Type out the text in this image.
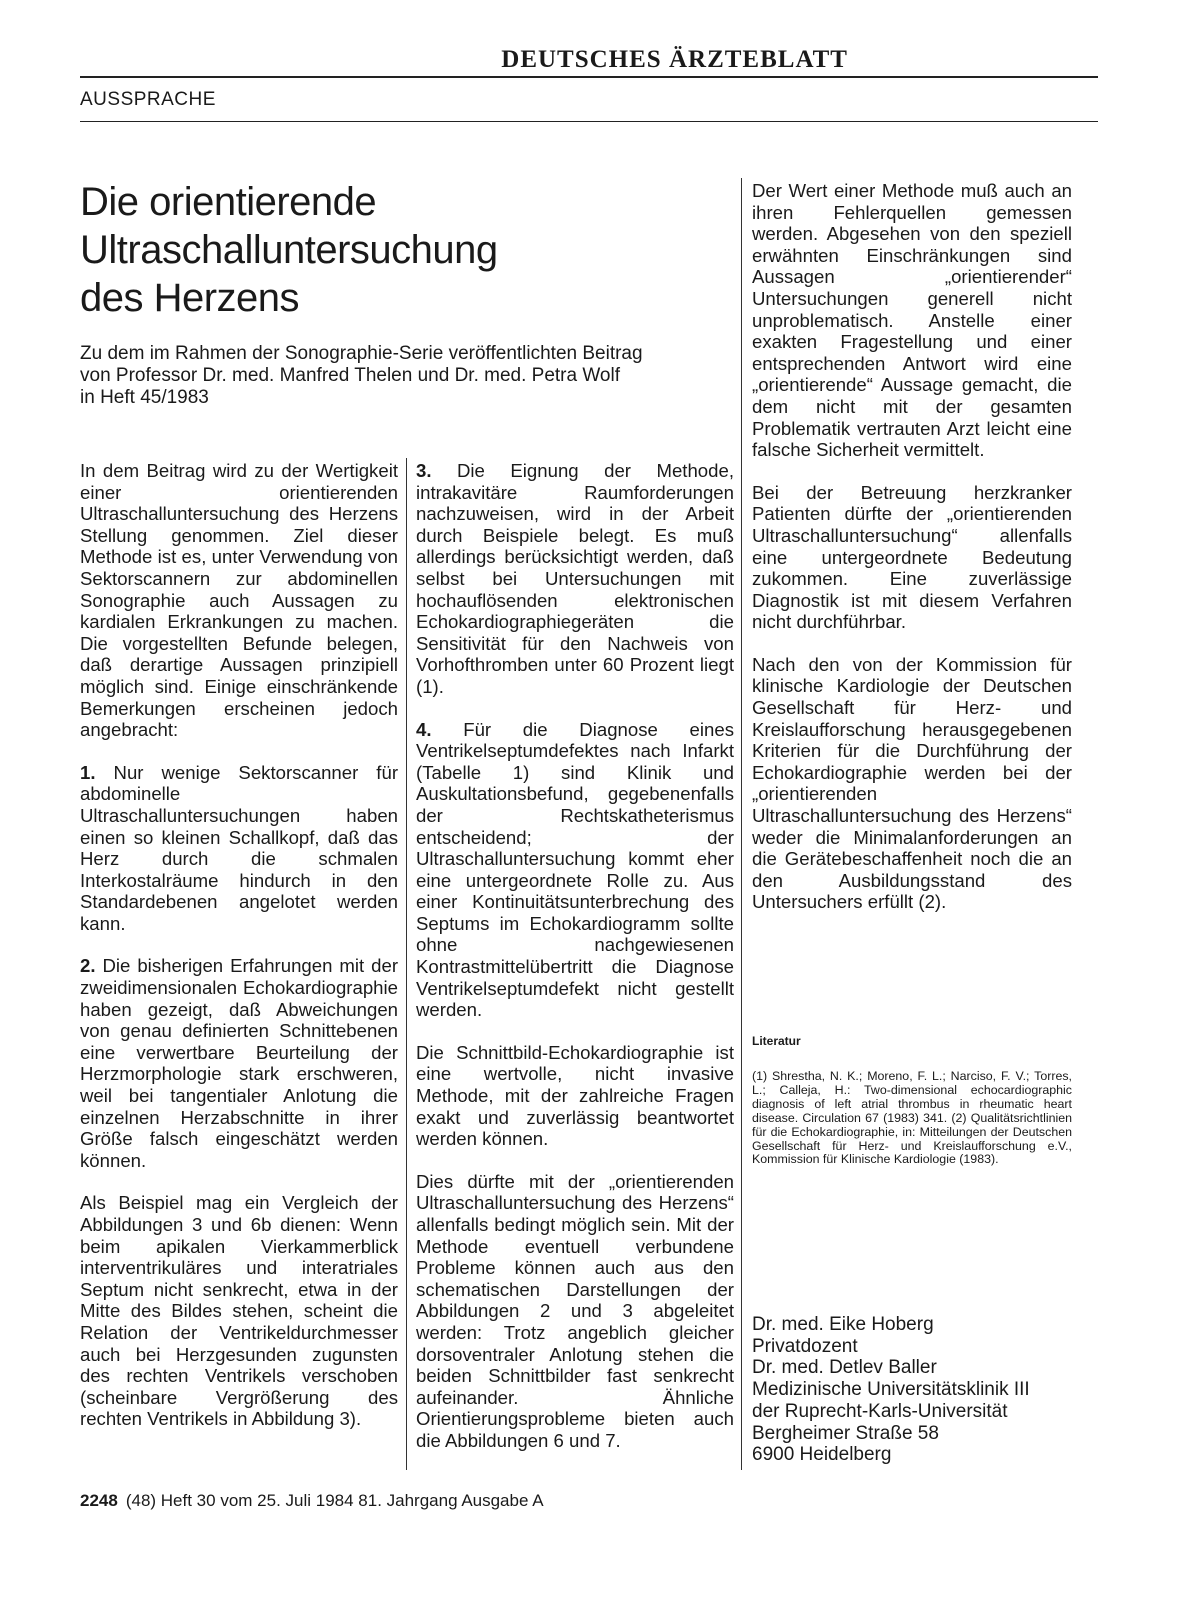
DEUTSCHES ÄRZTEBLATT
AUSSPRACHE
Die orientierende
Ultraschalluntersuchung
des Herzens

Zu dem im Rahmen der Sonographie-Serie veröffentlichten Beitrag
von Professor Dr. med. Manfred Thelen und Dr. med. Petra Wolf
in Heft 45/1983

In dem Beitrag wird zu der Wertigkeit einer orientierenden Ultraschalluntersuchung des Herzens Stellung genommen. Ziel dieser Methode ist es, unter Verwendung von Sektorscannern zur abdominellen Sonographie auch Aussagen zu kardialen Erkrankungen zu machen. Die vorgestellten Befunde belegen, daß derartige Aussagen prinzipiell möglich sind. Einige einschränkende Bemerkungen erscheinen jedoch angebracht:

1. Nur wenige Sektorscanner für abdominelle Ultraschalluntersuchungen haben einen so kleinen Schallkopf, daß das Herz durch die schmalen Interkostalräume hindurch in den Standardebenen angelotet werden kann.

2. Die bisherigen Erfahrungen mit der zweidimensionalen Echokardiographie haben gezeigt, daß Abweichungen von genau definierten Schnittebenen eine verwertbare Beurteilung der Herzmorphologie stark erschweren, weil bei tangentialer Anlotung die einzelnen Herzabschnitte in ihrer Größe falsch eingeschätzt werden können.

Als Beispiel mag ein Vergleich der Abbildungen 3 und 6b dienen: Wenn beim apikalen Vierkammerblick interventrikuläres und interatriales Septum nicht senkrecht, etwa in der Mitte des Bildes stehen, scheint die Relation der Ventrikeldurchmesser auch bei Herzgesunden zugunsten des rechten Ventrikels verschoben (scheinbare Vergrößerung des rechten Ventrikels in Abbildung 3).

3. Die Eignung der Methode, intrakavitäre Raumforderungen nachzuweisen, wird in der Arbeit durch Beispiele belegt. Es muß allerdings berücksichtigt werden, daß selbst bei Untersuchungen mit hochauflösenden elektronischen Echokardiographiegeräten die Sensitivität für den Nachweis von Vorhofthromben unter 60 Prozent liegt (1).

4. Für die Diagnose eines Ventrikelseptumdefektes nach Infarkt (Tabelle 1) sind Klinik und Auskultationsbefund, gegebenenfalls der Rechtskatheterismus entscheidend; der Ultraschalluntersuchung kommt eher eine untergeordnete Rolle zu. Aus einer Kontinuitätsunterbrechung des Septums im Echokardiogramm sollte ohne nachgewiesenen Kontrastmittelübertritt die Diagnose Ventrikelseptumdefekt nicht gestellt werden.

Die Schnittbild-Echokardiographie ist eine wertvolle, nicht invasive Methode, mit der zahlreiche Fragen exakt und zuverlässig beantwortet werden können.

Dies dürfte mit der „orientierenden Ultraschalluntersuchung des Herzens“ allenfalls bedingt möglich sein. Mit der Methode eventuell verbundene Probleme können auch aus den schematischen Darstellungen der Abbildungen 2 und 3 abgeleitet werden: Trotz angeblich gleicher dorsoventraler Anlotung stehen die beiden Schnittbilder fast senkrecht aufeinander. Ähnliche Orientierungsprobleme bieten auch die Abbildungen 6 und 7.

Der Wert einer Methode muß auch an ihren Fehlerquellen gemessen werden. Abgesehen von den speziell erwähnten Einschränkungen sind Aussagen „orientierender“ Untersuchungen generell nicht unproblematisch. Anstelle einer exakten Fragestellung und einer entsprechenden Antwort wird eine „orientierende“ Aussage gemacht, die dem nicht mit der gesamten Problematik vertrauten Arzt leicht eine falsche Sicherheit vermittelt.

Bei der Betreuung herzkranker Patienten dürfte der „orientierenden Ultraschalluntersuchung“ allenfalls eine untergeordnete Bedeutung zukommen. Eine zuverlässige Diagnostik ist mit diesem Verfahren nicht durchführbar.

Nach den von der Kommission für klinische Kardiologie der Deutschen Gesellschaft für Herz- und Kreislaufforschung herausgegebenen Kriterien für die Durchführung der Echokardiographie werden bei der „orientierenden Ultraschalluntersuchung des Herzens“ weder die Minimalanforderungen an die Gerätebeschaffenheit noch die an den Ausbildungsstand des Untersuchers erfüllt (2).

Literatur
(1) Shrestha, N. K.; Moreno, F. L.; Narciso, F. V.; Torres, L.; Calleja, H.: Two-dimensional echocardiographic diagnosis of left atrial thrombus in rheumatic heart disease. Circulation 67 (1983) 341. (2) Qualitätsrichtlinien für die Echokardiographie, in: Mitteilungen der Deutschen Gesellschaft für Herz- und Kreislaufforschung e.V., Kommission für Klinische Kardiologie (1983).
Dr. med. Eike Hoberg
Privatdozent
Dr. med. Detlev Baller
Medizinische Universitätsklinik III
der Ruprecht-Karls-Universität
Bergheimer Straße 58
6900 Heidelberg
2248 (48) Heft 30 vom 25. Juli 1984 81. Jahrgang Ausgabe A
